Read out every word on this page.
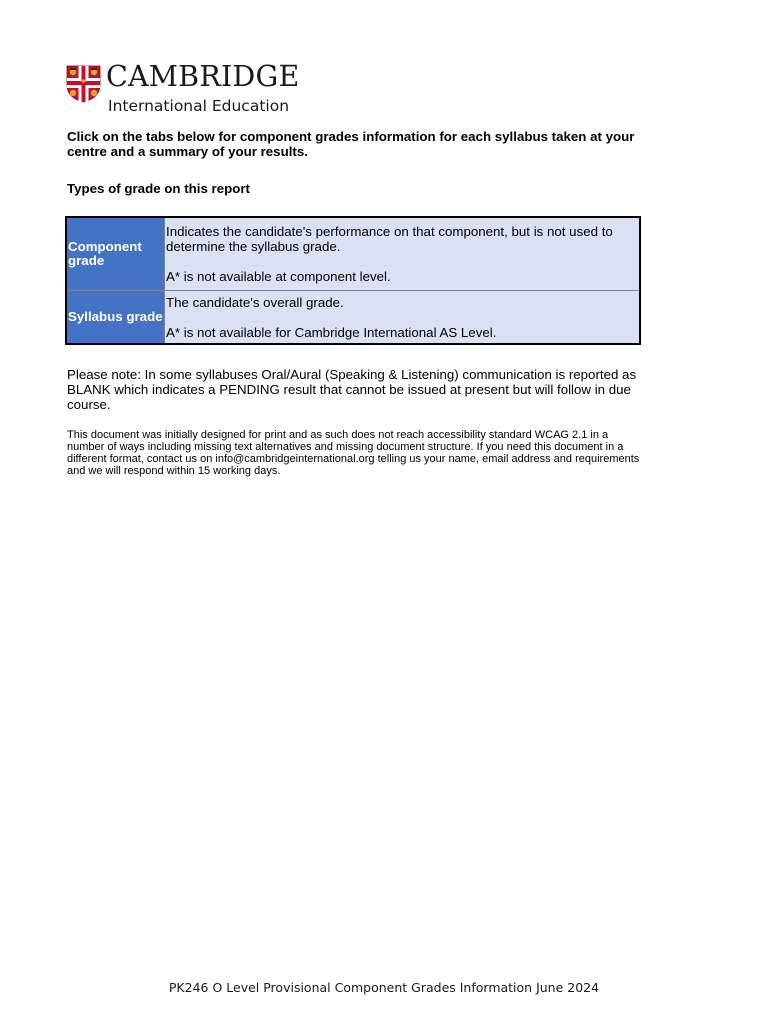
CAMBRIDGE
International Education

Click on the tabs below for component grades information for each syllabus taken at your centre and a summary of your results.

Types of grade on this report

Component grade

Indicates the candidate's performance on that component, but is not used to determine the syllabus grade.

A* is not available at component level.

Syllabus grade

The candidate's overall grade.

A* is not available for Cambridge International AS Level.

Please note: In some syllabuses Oral/Aural (Speaking & Listening) communication is reported as BLANK which indicates a PENDING result that cannot be issued at present but will follow in due course.

This document was initially designed for print and as such does not reach accessibility standard WCAG 2.1 in a number of ways including missing text alternatives and missing document structure. If you need this document in a different format, contact us on info@cambridgeinternational.org telling us your name, email address and requirements and we will respond within 15 working days.

PK246 O Level Provisional Component Grades Information June 2024
